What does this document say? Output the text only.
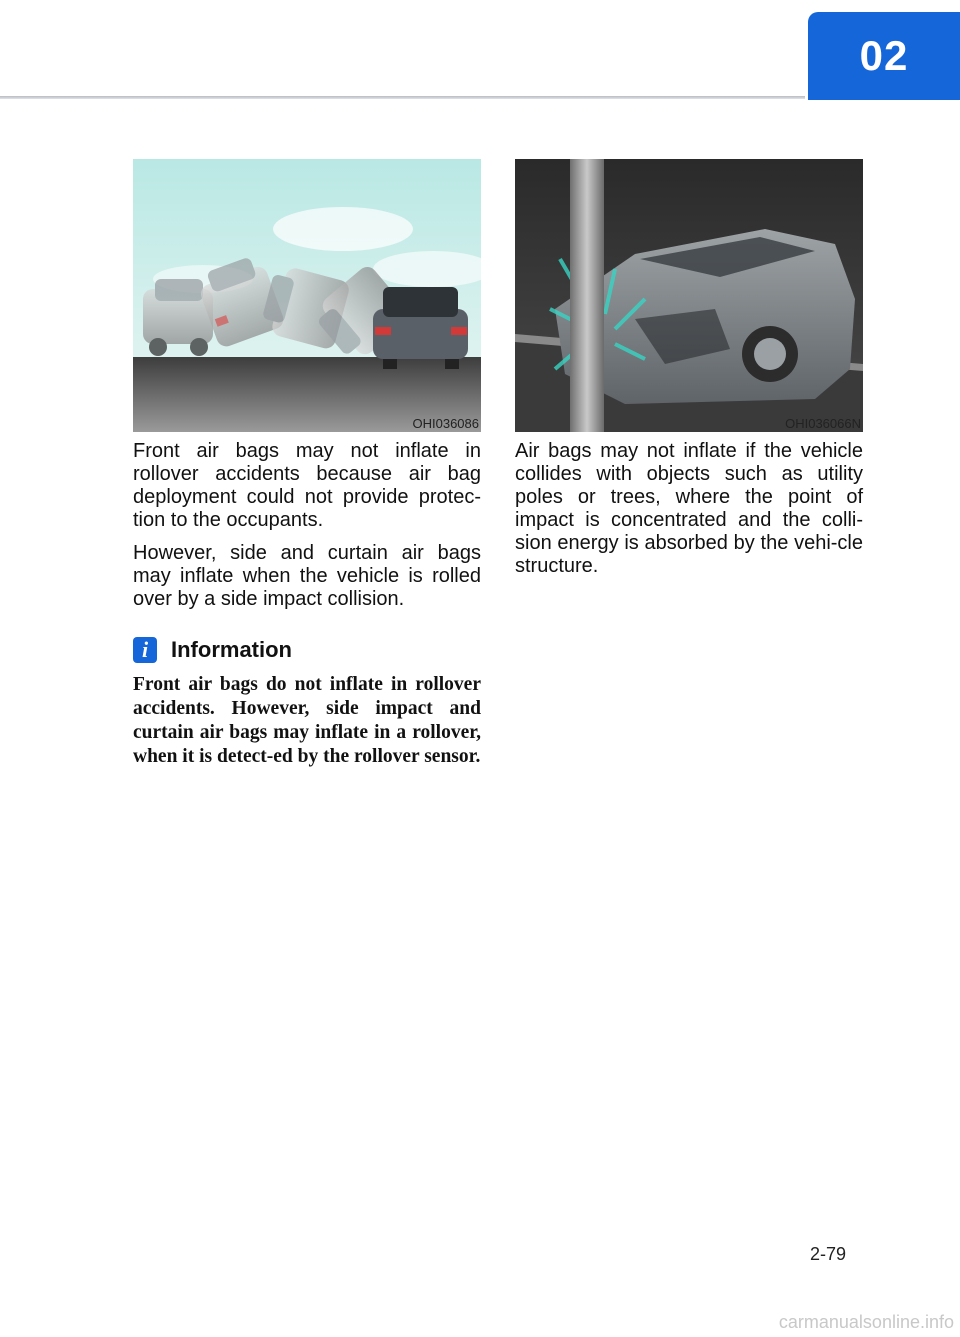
02
OHI036086	OHI036066N

Front air bags may not inflate in rollover accidents because air bag deployment could not provide protec-tion to the occupants.

However, side and curtain air bags may inflate when the vehicle is rolled over by a side impact collision.

i	Information

Front air bags do not inflate in rollover accidents. However, side impact and curtain air bags may inflate in a rollover, when it is detect-ed by the rollover sensor.

Air bags may not inflate if the vehicle collides with objects such as utility poles or trees, where the point of impact is concentrated and the colli-sion energy is absorbed by the vehi-cle structure.

2-79
carmanualsonline.info
